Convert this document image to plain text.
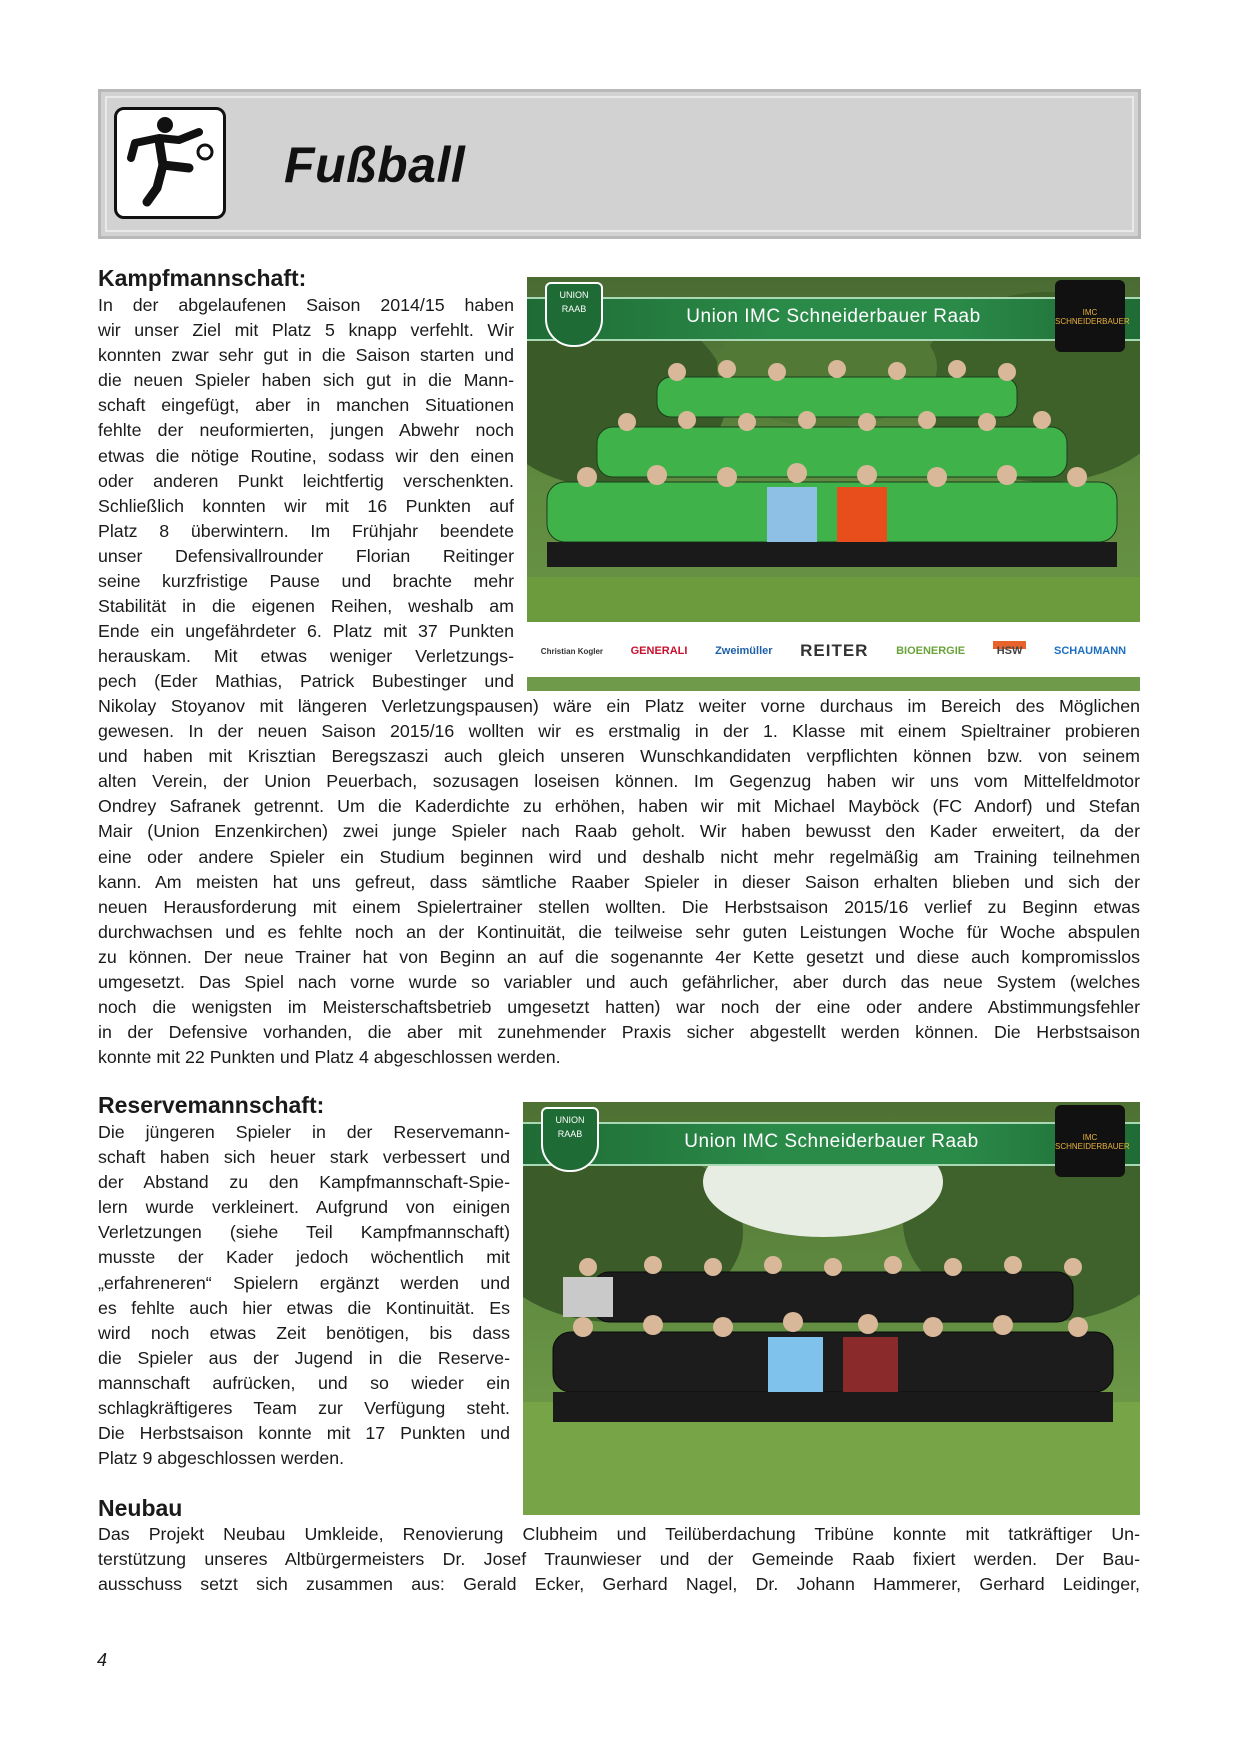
Fußball
Kampfmannschaft:
In der abgelaufenen Saison 2014/15 haben
wir unser Ziel mit Platz 5 knapp verfehlt. Wir
konnten zwar sehr gut in die Saison starten und
die neuen Spieler haben sich gut in die Mann-
schaft eingefügt, aber in manchen Situationen
fehlte der neuformierten, jungen Abwehr noch
etwas die nötige Routine, sodass wir den einen
oder anderen Punkt leichtfertig verschenkten.
Schließlich konnten wir mit 16 Punkten auf
Platz 8 überwintern. Im Frühjahr beendete
unser Defensivallrounder Florian Reitinger
seine kurzfristige Pause und brachte mehr
Stabilität in die eigenen Reihen, weshalb am
Ende ein ungefährdeter 6. Platz mit 37 Punkten
herauskam. Mit etwas weniger Verletzungs-
pech (Eder Mathias, Patrick Bubestinger und
Union IMC Schneiderbauer Raab
UNION RAAB	IMC SCHNEIDERBAUER
Christian Kogler	GENERALI	Zweimüller REITER	BIOENERGIE	HSW	SCHAUMANN
Nikolay Stoyanov mit längeren Verletzungspausen) wäre ein Platz weiter vorne durchaus im Bereich des Möglichen
gewesen. In der neuen Saison 2015/16 wollten wir es erstmalig in der 1. Klasse mit einem Spieltrainer probieren
und haben mit Krisztian Beregszaszi auch gleich unseren Wunschkandidaten verpflichten können bzw. von seinem
alten Verein, der Union Peuerbach, sozusagen loseisen können. Im Gegenzug haben wir uns vom Mittelfeldmotor
Ondrey Safranek getrennt. Um die Kaderdichte zu erhöhen, haben wir mit Michael Mayböck (FC Andorf) und Stefan
Mair (Union Enzenkirchen) zwei junge Spieler nach Raab geholt. Wir haben bewusst den Kader erweitert, da der
eine oder andere Spieler ein Studium beginnen wird und deshalb nicht mehr regelmäßig am Training teilnehmen
kann. Am meisten hat uns gefreut, dass sämtliche Raaber Spieler in dieser Saison erhalten blieben und sich der
neuen Herausforderung mit einem Spielertrainer stellen wollten. Die Herbstsaison 2015/16 verlief zu Beginn etwas
durchwachsen und es fehlte noch an der Kontinuität, die teilweise sehr guten Leistungen Woche für Woche abspulen
zu können. Der neue Trainer hat von Beginn an auf die sogenannte 4er Kette gesetzt und diese auch kompromisslos
umgesetzt. Das Spiel nach vorne wurde so variabler und auch gefährlicher, aber durch das neue System (welches
noch die wenigsten im Meisterschaftsbetrieb umgesetzt hatten) war noch der eine oder andere Abstimmungsfehler
in der Defensive vorhanden, die aber mit zunehmender Praxis sicher abgestellt werden können. Die Herbstsaison
konnte mit 22 Punkten und Platz 4 abgeschlossen werden.
Reservemannschaft:
Die jüngeren Spieler in der Reservemann-
schaft haben sich heuer stark verbessert und
der Abstand zu den Kampfmannschaft-Spie-
lern wurde verkleinert. Aufgrund von einigen
Verletzungen (siehe Teil Kampfmannschaft)
musste der Kader jedoch wöchentlich mit
„erfahreneren“ Spielern ergänzt werden und
es fehlte auch hier etwas die Kontinuität. Es
wird noch etwas Zeit benötigen, bis dass
die Spieler aus der Jugend in die Reserve-
mannschaft aufrücken, und so wieder ein
schlagkräftigeres Team zur Verfügung steht.
Die Herbstsaison konnte mit 17 Punkten und
Platz 9 abgeschlossen werden.
Union IMC Schneiderbauer Raab
UNION RAAB	IMC SCHNEIDERBAUER
Neubau
Das Projekt Neubau Umkleide, Renovierung Clubheim und Teilüberdachung Tribüne konnte mit tatkräftiger Un-
terstützung unseres Altbürgermeisters Dr. Josef Traunwieser und der Gemeinde Raab fixiert werden. Der Bau-
ausschuss setzt sich zusammen aus: Gerald Ecker, Gerhard Nagel, Dr. Johann Hammerer, Gerhard Leidinger,
4
